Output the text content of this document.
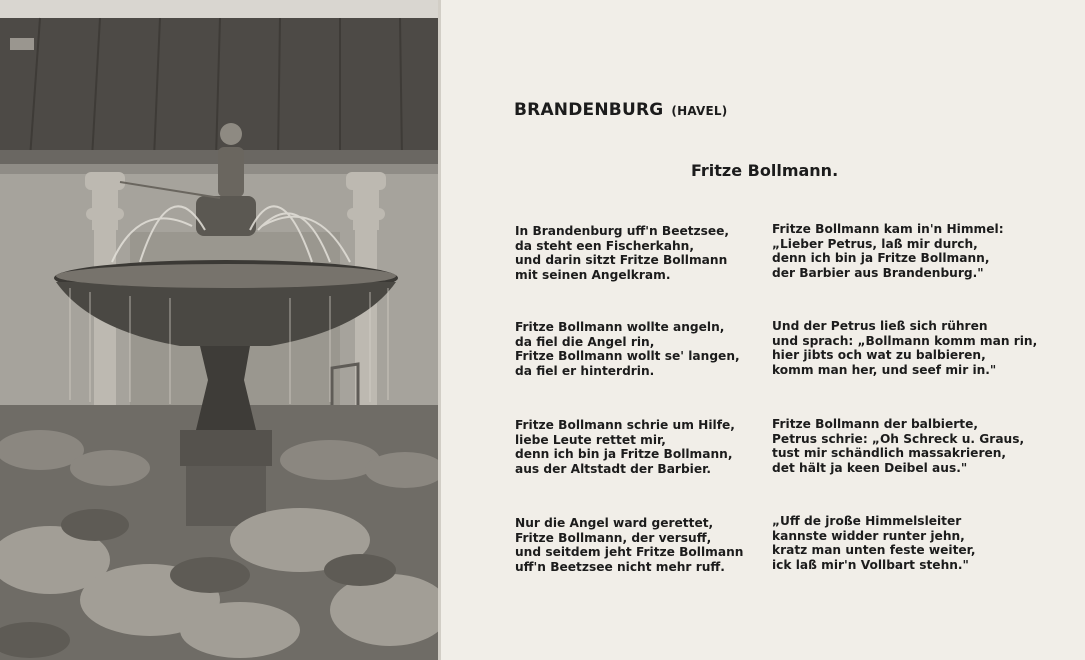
BRANDENBURG (HAVEL)
Fritze Bollmann.
In Brandenburg uff'n Beetzsee,
da steht een Fischerkahn,
und darin sitzt Fritze Bollmann
mit seinen Angelkram.
Fritze Bollmann wollte angeln,
da fiel die Angel rin,
Fritze Bollmann wollt se' langen,
da fiel er hinterdrin.
Fritze Bollmann schrie um Hilfe,
liebe Leute rettet mir,
denn ich bin ja Fritze Bollmann,
aus der Altstadt der Barbier.
Nur die Angel ward gerettet,
Fritze Bollmann, der versuff,
und seitdem jeht Fritze Bollmann
uff'n Beetzsee nicht mehr ruff.
Fritze Bollmann kam in'n Himmel:
„Lieber Petrus, laß mir durch,
denn ich bin ja Fritze Bollmann,
der Barbier aus Brandenburg."
Und der Petrus ließ sich rühren
und sprach: „Bollmann komm man rin,
hier jibts och wat zu balbieren,
komm man her, und seef mir in."
Fritze Bollmann der balbierte,
Petrus schrie: „Oh Schreck u. Graus,
tust mir schändlich massakrieren,
det hält ja keen Deibel aus."
„Uff de jroße Himmelsleiter
kannste widder runter jehn,
kratz man unten feste weiter,
ick laß mir'n Vollbart stehn."
